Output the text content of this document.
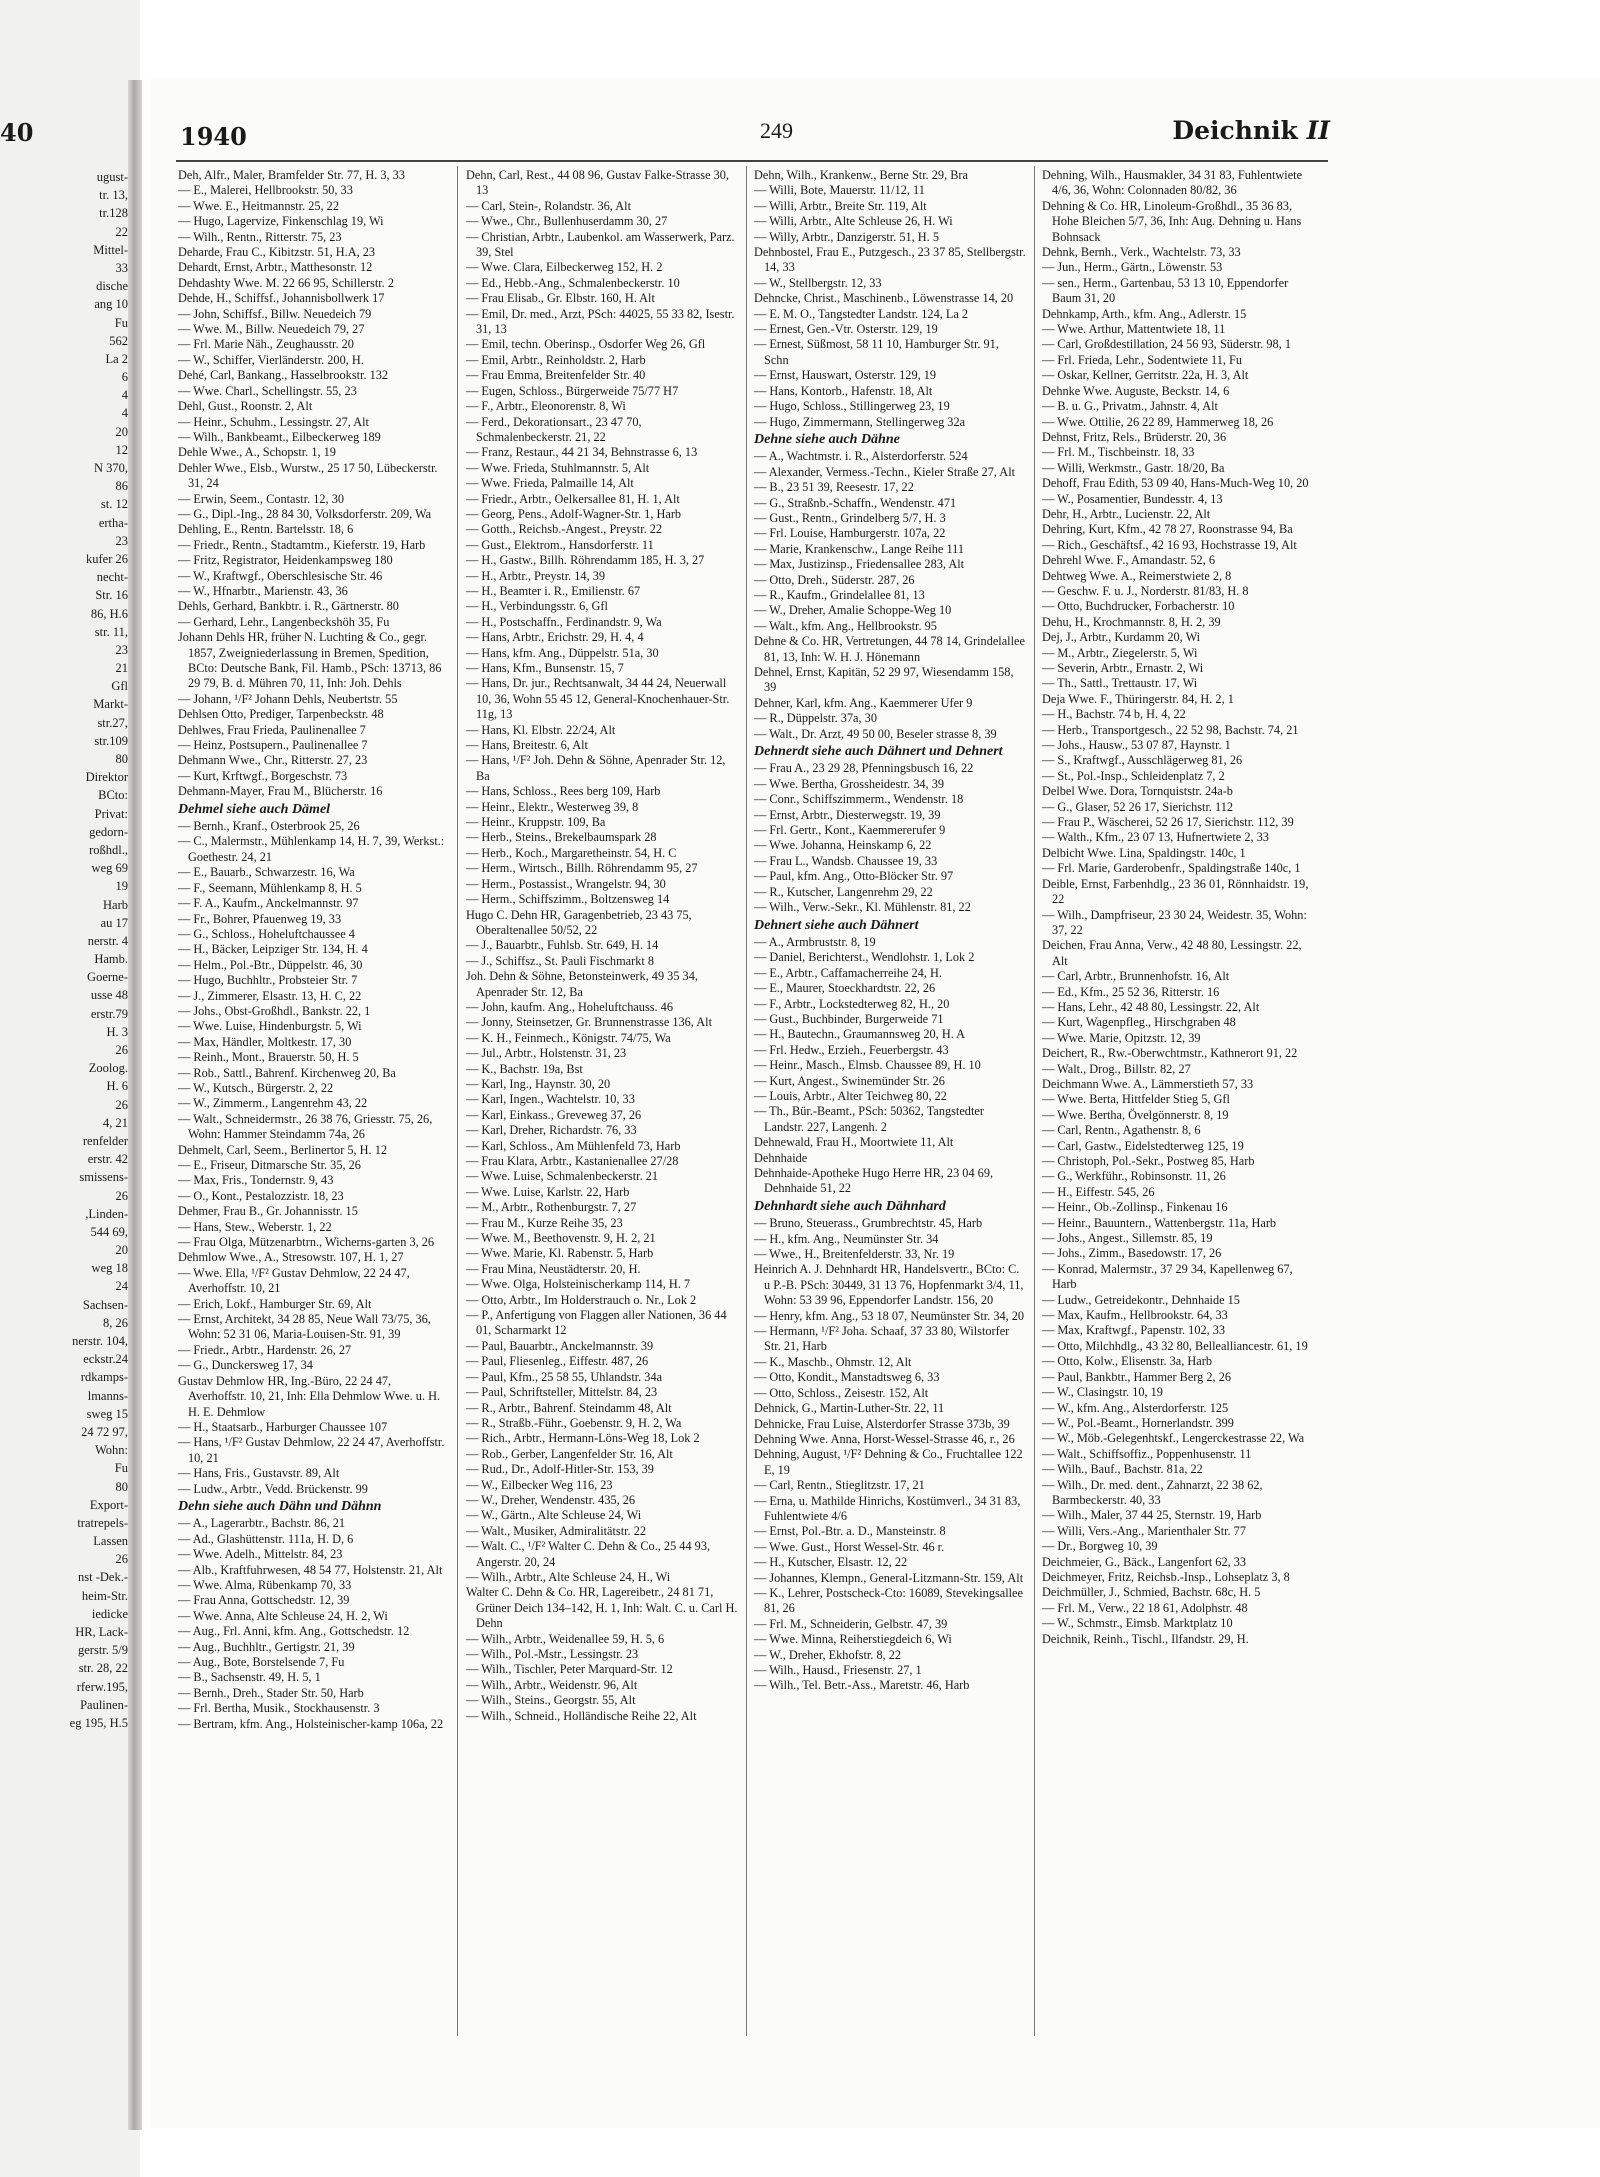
40
ugust-
tr. 13,
tr.128
22
Mittel-
33
dische
ang 10
Fu
562
La 2
6
4
4
20
12
N 370,
86
st. 12
ertha-
23
kufer 26
necht-
Str. 16
86, H.6
str. 11,
23
21
Gfl
Markt-
str.27,
str.109
80
Direktor
BCto:
Privat:
gedorn-
roßhdl.,
weg 69
19
Harb
au 17
nerstr. 4
Hamb.
Goerne-
usse 48
erstr.79
H. 3
26
Zoolog.
H. 6
26
4, 21
renfelder
erstr. 42
smissens-
26
,Linden-
544 69,
20
weg 18
24
Sachsen-
8, 26
nerstr. 104,
eckstr.24
rdkamps-
lmanns-
sweg 15
24 72 97,
Wohn:
Fu
80
Export-
tratrepels-
Lassen
26
nst -Dek.-
heim-Str.
iedicke
HR, Lack-
gerstr. 5/9
str. 28, 22
rferw.195,
Paulinen-
eg 195, H.5
1940	249	Deichnik II
Deh, Alfr., Maler, Bramfelder Str. 77, H. 3, 33
— E., Malerei, Hellbrookstr. 50, 33
— Wwe. E., Heitmannstr. 25, 22
— Hugo, Lagervize, Finkenschlag 19, Wi
— Wilh., Rentn., Ritterstr. 75, 23
Deharde, Frau C., Kibitzstr. 51, H.A, 23
Dehardt, Ernst, Arbtr., Matthesonstr. 12
Dehdashty Wwe. M. 22 66 95, Schillerstr. 2
Dehde, H., Schiffsf., Johannisbollwerk 17
— John, Schiffsf., Billw. Neuedeich 79
— Wwe. M., Billw. Neuedeich 79, 27
— Frl. Marie Näh., Zeughausstr. 20
— W., Schiffer, Vierländerstr. 200, H.
Dehé, Carl, Bankang., Hasselbrookstr. 132
— Wwe. Charl., Schellingstr. 55, 23
Dehl, Gust., Roonstr. 2, Alt
— Heinr., Schuhm., Lessingstr. 27, Alt
— Wilh., Bankbeamt., Eilbeckerweg 189
Dehle Wwe., A., Schopstr. 1, 19
Dehler Wwe., Elsb., Wurstw., 25 17 50, Lübeckerstr. 31, 24
— Erwin, Seem., Contastr. 12, 30
— G., Dipl.-Ing., 28 84 30, Volksdorferstr. 209, Wa
Dehling, E., Rentn. Bartelsstr. 18, 6
— Friedr., Rentn., Stadtamtm., Kieferstr. 19, Harb
— Fritz, Registrator, Heidenkampsweg 180
— W., Kraftwgf., Oberschlesische Str. 46
— W., Hfnarbtr., Marienstr. 43, 36
Dehls, Gerhard, Bankbtr. i. R., Gärtnerstr. 80
— Gerhard, Lehr., Langenbeckshöh 35, Fu
Johann Dehls HR, früher N. Luchting & Co., gegr. 1857, Zweigniederlassung in Bremen, Spedition, BCto: Deutsche Bank, Fil. Hamb., PSch: 13713, 86 29 79, B. d. Mühren 70, 11, Inh: Joh. Dehls
— Johann, ¹/F² Johann Dehls, Neubertstr. 55
Dehlsen Otto, Prediger, Tarpenbeckstr. 48
Dehlwes, Frau Frieda, Paulinenallee 7
— Heinz, Postsupern., Paulinenallee 7
Dehmann Wwe., Chr., Ritterstr. 27, 23
— Kurt, Krftwgf., Borgeschstr. 73
Dehmann-Mayer, Frau M., Blücherstr. 16
Dehmel siehe auch Dämel
— Bernh., Kranf., Osterbrook 25, 26
— C., Malermstr., Mühlenkamp 14, H. 7, 39, Werkst.: Goethestr. 24, 21
— E., Bauarb., Schwarzestr. 16, Wa
— F., Seemann, Mühlenkamp 8, H. 5
— F. A., Kaufm., Anckelmannstr. 97
— Fr., Bohrer, Pfauenweg 19, 33
— G., Schloss., Hoheluftchaussee 4
— H., Bäcker, Leipziger Str. 134, H. 4
— Helm., Pol.-Btr., Düppelstr. 46, 30
— Hugo, Buchhltr., Probsteier Str. 7
— J., Zimmerer, Elsastr. 13, H. C, 22
— Johs., Obst-Großhdl., Bankstr. 22, 1
— Wwe. Luise, Hindenburgstr. 5, Wi
— Max, Händler, Moltkestr. 17, 30
— Reinh., Mont., Brauerstr. 50, H. 5
— Rob., Sattl., Bahrenf. Kirchenweg 20, Ba
— W., Kutsch., Bürgerstr. 2, 22
— W., Zimmerm., Langenrehm 43, 22
— Walt., Schneidermstr., 26 38 76, Griesstr. 75, 26, Wohn: Hammer Steindamm 74a, 26
Dehmelt, Carl, Seem., Berlinertor 5, H. 12
— E., Friseur, Ditmarsche Str. 35, 26
— Max, Fris., Tondernstr. 9, 43
— O., Kont., Pestalozzistr. 18, 23
Dehmer, Frau B., Gr. Johannisstr. 15
— Hans, Stew., Weberstr. 1, 22
— Frau Olga, Mützenarbtrn., Wicherns-garten 3, 26
Dehmlow Wwe., A., Stresowstr. 107, H. 1, 27
— Wwe. Ella, ¹/F² Gustav Dehmlow, 22 24 47, Averhoffstr. 10, 21
— Erich, Lokf., Hamburger Str. 69, Alt
— Ernst, Architekt, 34 28 85, Neue Wall 73/75, 36, Wohn: 52 31 06, Maria-Louisen-Str. 91, 39
— Friedr., Arbtr., Hardenstr. 26, 27
— G., Dunckersweg 17, 34
Gustav Dehmlow HR, Ing.-Büro, 22 24 47, Averhoffstr. 10, 21, Inh: Ella Dehmlow Wwe. u. H. H. E. Dehmlow
— H., Staatsarb., Harburger Chaussee 107
— Hans, ¹/F² Gustav Dehmlow, 22 24 47, Averhoffstr. 10, 21
— Hans, Fris., Gustavstr. 89, Alt
— Ludw., Arbtr., Vedd. Brückenstr. 99
Dehn siehe auch Dähn und Dähnn
— A., Lagerarbtr., Bachstr. 86, 21
— Ad., Glashüttenstr. 111a, H. D, 6
— Wwe. Adelh., Mittelstr. 84, 23
— Alb., Kraftfuhrwesen, 48 54 77, Holstenstr. 21, Alt
— Wwe. Alma, Rübenkamp 70, 33
— Frau Anna, Gottschedstr. 12, 39
— Wwe. Anna, Alte Schleuse 24, H. 2, Wi
— Aug., Frl. Anni, kfm. Ang., Gottschedstr. 12
— Aug., Buchhltr., Gertigstr. 21, 39
— Aug., Bote, Borstelsende 7, Fu
— B., Sachsenstr. 49, H. 5, 1
— Bernh., Dreh., Stader Str. 50, Harb
— Frl. Bertha, Musik., Stockhausenstr. 3
— Bertram, kfm. Ang., Holsteinischer-kamp 106a, 22
Dehn, Carl, Rest., 44 08 96, Gustav Falke-Strasse 30, 13
— Carl, Stein-, Rolandstr. 36, Alt
— Wwe., Chr., Bullenhuserdamm 30, 27
— Christian, Arbtr., Laubenkol. am Wasserwerk, Parz. 39, Stel
— Wwe. Clara, Eilbeckerweg 152, H. 2
— Ed., Hebb.-Ang., Schmalenbeckerstr. 10
— Frau Elisab., Gr. Elbstr. 160, H. Alt
— Emil, Dr. med., Arzt, PSch: 44025, 55 33 82, Isestr. 31, 13
— Emil, techn. Oberinsp., Osdorfer Weg 26, Gfl
— Emil, Arbtr., Reinholdstr. 2, Harb
— Frau Emma, Breitenfelder Str. 40
— Eugen, Schloss., Bürgerweide 75/77 H7
— F., Arbtr., Eleonorenstr. 8, Wi
— Ferd., Dekorationsart., 23 47 70, Schmalenbeckerstr. 21, 22
— Franz, Restaur., 44 21 34, Behnstrasse 6, 13
— Wwe. Frieda, Stuhlmannstr. 5, Alt
— Wwe. Frieda, Palmaille 14, Alt
— Friedr., Arbtr., Oelkersallee 81, H. 1, Alt
— Georg, Pens., Adolf-Wagner-Str. 1, Harb
— Gotth., Reichsb.-Angest., Preystr. 22
— Gust., Elektrom., Hansdorferstr. 11
— H., Gastw., Billh. Röhrendamm 185, H. 3, 27
— H., Arbtr., Preystr. 14, 39
— H., Beamter i. R., Emilienstr. 67
— H., Verbindungsstr. 6, Gfl
— H., Postschaffn., Ferdinandstr. 9, Wa
— Hans, Arbtr., Erichstr. 29, H. 4, 4
— Hans, kfm. Ang., Düppelstr. 51a, 30
— Hans, Kfm., Bunsenstr. 15, 7
— Hans, Dr. jur., Rechtsanwalt, 34 44 24, Neuerwall 10, 36, Wohn 55 45 12, General-Knochenhauer-Str. 11g, 13
— Hans, Kl. Elbstr. 22/24, Alt
— Hans, Breitestr. 6, Alt
— Hans, ¹/F² Joh. Dehn & Söhne, Apenrader Str. 12, Ba
— Hans, Schloss., Rees berg 109, Harb
— Heinr., Elektr., Westerweg 39, 8
— Heinr., Kruppstr. 109, Ba
— Herb., Steins., Brekelbaumspark 28
— Herb., Koch., Margaretheinstr. 54, H. C
— Herm., Wirtsch., Billh. Röhrendamm 95, 27
— Herm., Postassist., Wrangelstr. 94, 30
— Herm., Schiffszimm., Boltzensweg 14
Hugo C. Dehn HR, Garagenbetrieb, 23 43 75, Oberaltenallee 50/52, 22
— J., Bauarbtr., Fuhlsb. Str. 649, H. 14
— J., Schiffsz., St. Pauli Fischmarkt 8
Joh. Dehn & Söhne, Betonsteinwerk, 49 35 34, Apenrader Str. 12, Ba
— John, kaufm. Ang., Hoheluftchauss. 46
— Jonny, Steinsetzer, Gr. Brunnenstrasse 136, Alt
— K. H., Feinmech., Königstr. 74/75, Wa
— Jul., Arbtr., Holstenstr. 31, 23
— K., Bachstr. 19a, Bst
— Karl, Ing., Haynstr. 30, 20
— Karl, Ingen., Wachtelstr. 10, 33
— Karl, Einkass., Greveweg 37, 26
— Karl, Dreher, Richardstr. 76, 33
— Karl, Schloss., Am Mühlenfeld 73, Harb
— Frau Klara, Arbtr., Kastanienallee 27/28
— Wwe. Luise, Schmalenbeckerstr. 21
— Wwe. Luise, Karlstr. 22, Harb
— M., Arbtr., Rothenburgstr. 7, 27
— Frau M., Kurze Reihe 35, 23
— Wwe. M., Beethovenstr. 9, H. 2, 21
— Wwe. Marie, Kl. Rabenstr. 5, Harb
— Frau Mina, Neustädterstr. 20, H.
— Wwe. Olga, Holsteinischerkamp 114, H. 7
— Otto, Arbtr., Im Holderstrauch o. Nr., Lok 2
— P., Anfertigung von Flaggen aller Nationen, 36 44 01, Scharmarkt 12
— Paul, Bauarbtr., Anckelmannstr. 39
— Paul, Fliesenleg., Eiffestr. 487, 26
— Paul, Kfm., 25 58 55, Uhlandstr. 34a
— Paul, Schriftsteller, Mittelstr. 84, 23
— R., Arbtr., Bahrenf. Steindamm 48, Alt
— R., Straßb.-Führ., Goebenstr. 9, H. 2, Wa
— Rich., Arbtr., Hermann-Löns-Weg 18, Lok 2
— Rob., Gerber, Langenfelder Str. 16, Alt
— Rud., Dr., Adolf-Hitler-Str. 153, 39
— W., Eilbecker Weg 116, 23
— W., Dreher, Wendenstr. 435, 26
— W., Gärtn., Alte Schleuse 24, Wi
— Walt., Musiker, Admiralitätstr. 22
— Walt. C., ¹/F² Walter C. Dehn & Co., 25 44 93, Angerstr. 20, 24
— Wilh., Arbtr., Alte Schleuse 24, H., Wi
Walter C. Dehn & Co. HR, Lagereibetr., 24 81 71, Grüner Deich 134–142, H. 1, Inh: Walt. C. u. Carl H. Dehn
— Wilh., Arbtr., Weidenallee 59, H. 5, 6
— Wilh., Pol.-Mstr., Lessingstr. 23
— Wilh., Tischler, Peter Marquard-Str. 12
— Wilh., Arbtr., Weidenstr. 96, Alt
— Wilh., Steins., Georgstr. 55, Alt
— Wilh., Schneid., Holländische Reihe 22, Alt
Dehn, Wilh., Krankenw., Berne Str. 29, Bra
— Willi, Bote, Mauerstr. 11/12, 11
— Willi, Arbtr., Breite Str. 119, Alt
— Willi, Arbtr., Alte Schleuse 26, H. Wi
— Willy, Arbtr., Danzigerstr. 51, H. 5
Dehnbostel, Frau E., Putzgesch., 23 37 85, Stellbergstr. 14, 33
— W., Stellbergstr. 12, 33
Dehncke, Christ., Maschinenb., Löwenstrasse 14, 20
— E. M. O., Tangstedter Landstr. 124, La 2
— Ernest, Gen.-Vtr. Osterstr. 129, 19
— Ernest, Süßmost, 58 11 10, Hamburger Str. 91, Schn
— Ernst, Hauswart, Osterstr. 129, 19
— Hans, Kontorb., Hafenstr. 18, Alt
— Hugo, Schloss., Stillingerweg 23, 19
— Hugo, Zimmermann, Stellingerweg 32a
Dehne siehe auch Dähne
— A., Wachtmstr. i. R., Alsterdorferstr. 524
— Alexander, Vermess.-Techn., Kieler Straße 27, Alt
— B., 23 51 39, Reesestr. 17, 22
— G., Straßnb.-Schaffn., Wendenstr. 471
— Gust., Rentn., Grindelberg 5/7, H. 3
— Frl. Louise, Hamburgerstr. 107a, 22
— Marie, Krankenschw., Lange Reihe 111
— Max, Justizinsp., Friedensallee 283, Alt
— Otto, Dreh., Süderstr. 287, 26
— R., Kaufm., Grindelallee 81, 13
— W., Dreher, Amalie Schoppe-Weg 10
— Walt., kfm. Ang., Hellbrookstr. 95
Dehne & Co. HR, Vertretungen, 44 78 14, Grindelallee 81, 13, Inh: W. H. J. Hönemann
Dehnel, Ernst, Kapitän, 52 29 97, Wiesendamm 158, 39
Dehner, Karl, kfm. Ang., Kaemmerer Ufer 9
— R., Düppelstr. 37a, 30
— Walt., Dr. Arzt, 49 50 00, Beseler strasse 8, 39
Dehnerdt siehe auch Dähnert und Dehnert
— Frau A., 23 29 28, Pfenningsbusch 16, 22
— Wwe. Bertha, Grossheidestr. 34, 39
— Conr., Schiffszimmerm., Wendenstr. 18
— Ernst, Arbtr., Diesterwegstr. 19, 39
— Frl. Gertr., Kont., Kaemmererufer 9
— Wwe. Johanna, Heinskamp 6, 22
— Frau L., Wandsb. Chaussee 19, 33
— Paul, kfm. Ang., Otto-Blöcker Str. 97
— R., Kutscher, Langenrehm 29, 22
— Wilh., Verw.-Sekr., Kl. Mühlenstr. 81, 22
Dehnert siehe auch Dähnert
— A., Armbruststr. 8, 19
— Daniel, Berichterst., Wendlohstr. 1, Lok 2
— E., Arbtr., Caffamacherreihe 24, H.
— E., Maurer, Stoeckhardtstr. 22, 26
— F., Arbtr., Lockstedterweg 82, H., 20
— Gust., Buchbinder, Burgerweide 71
— H., Bautechn., Graumannsweg 20, H. A
— Frl. Hedw., Erzieh., Feuerbergstr. 43
— Heinr., Masch., Elmsb. Chaussee 89, H. 10
— Kurt, Angest., Swinemünder Str. 26
— Louis, Arbtr., Alter Teichweg 80, 22
— Th., Bür.-Beamt., PSch: 50362, Tangstedter Landstr. 227, Langenh. 2
Dehnewald, Frau H., Moortwiete 11, Alt
Dehnhaide
Dehnhaide-Apotheke Hugo Herre HR, 23 04 69, Dehnhaide 51, 22
Dehnhardt siehe auch Dähnhard
— Bruno, Steuerass., Grumbrechtstr. 45, Harb
— H., kfm. Ang., Neumünster Str. 34
— Wwe., H., Breitenfelderstr. 33, Nr. 19
Heinrich A. J. Dehnhardt HR, Handelsvertr., BCto: C. u P.-B. PSch: 30449, 31 13 76, Hopfenmarkt 3/4, 11, Wohn: 53 39 96, Eppendorfer Landstr. 156, 20
— Henry, kfm. Ang., 53 18 07, Neumünster Str. 34, 20
— Hermann, ¹/F² Joha. Schaaf, 37 33 80, Wilstorfer Str. 21, Harb
— K., Maschb., Ohmstr. 12, Alt
— Otto, Kondit., Manstadtsweg 6, 33
— Otto, Schloss., Zeisestr. 152, Alt
Dehnick, G., Martin-Luther-Str. 22, 11
Dehnicke, Frau Luise, Alsterdorfer Strasse 373b, 39
Dehning Wwe. Anna, Horst-Wessel-Strasse 46, r., 26
Dehning, August, ¹/F² Dehning & Co., Fruchtallee 122 E, 19
— Carl, Rentn., Stieglitzstr. 17, 21
— Erna, u. Mathilde Hinrichs, Kostümverl., 34 31 83, Fuhlentwiete 4/6
— Ernst, Pol.-Btr. a. D., Mansteinstr. 8
— Wwe. Gust., Horst Wessel-Str. 46 r.
— H., Kutscher, Elsastr. 12, 22
— Johannes, Klempn., General-Litzmann-Str. 159, Alt
— K., Lehrer, Postscheck-Cto: 16089, Stevekingsallee 81, 26
— Frl. M., Schneiderin, Gelbstr. 47, 39
— Wwe. Minna, Reiherstiegdeich 6, Wi
— W., Dreher, Ekhofstr. 8, 22
— Wilh., Hausd., Friesenstr. 27, 1
— Wilh., Tel. Betr.-Ass., Maretstr. 46, Harb
Dehning, Wilh., Hausmakler, 34 31 83, Fuhlentwiete 4/6, 36, Wohn: Colonnaden 80/82, 36
Dehning & Co. HR, Linoleum-Großhdl., 35 36 83, Hohe Bleichen 5/7, 36, Inh: Aug. Dehning u. Hans Bohnsack
Dehnk, Bernh., Verk., Wachtelstr. 73, 33
— Jun., Herm., Gärtn., Löwenstr. 53
— sen., Herm., Gartenbau, 53 13 10, Eppendorfer Baum 31, 20
Dehnkamp, Arth., kfm. Ang., Adlerstr. 15
— Wwe. Arthur, Mattentwiete 18, 11
— Carl, Großdestillation, 24 56 93, Süderstr. 98, 1
— Frl. Frieda, Lehr., Sodentwiete 11, Fu
— Oskar, Kellner, Gerritstr. 22a, H. 3, Alt
Dehnke Wwe. Auguste, Beckstr. 14, 6
— B. u. G., Privatm., Jahnstr. 4, Alt
— Wwe. Ottilie, 26 22 89, Hammerweg 18, 26
Dehnst, Fritz, Rels., Brüderstr. 20, 36
— Frl. M., Tischbeinstr. 18, 33
— Willi, Werkmstr., Gastr. 18/20, Ba
Dehoff, Frau Edith, 53 09 40, Hans-Much-Weg 10, 20
— W., Posamentier, Bundesstr. 4, 13
Dehr, H., Arbtr., Lucienstr. 22, Alt
Dehring, Kurt, Kfm., 42 78 27, Roonstrasse 94, Ba
— Rich., Geschäftsf., 42 16 93, Hochstrasse 19, Alt
Dehrehl Wwe. F., Amandastr. 52, 6
Dehtweg Wwe. A., Reimerstwiete 2, 8
— Geschw. F. u. J., Norderstr. 81/83, H. 8
— Otto, Buchdrucker, Forbacherstr. 10
Dehu, H., Krochmannstr. 8, H. 2, 39
Dej, J., Arbtr., Kurdamm 20, Wi
— M., Arbtr., Ziegelerstr. 5, Wi
— Severin, Arbtr., Ernastr. 2, Wi
— Th., Sattl., Trettaustr. 17, Wi
Deja Wwe. F., Thüringerstr. 84, H. 2, 1
— H., Bachstr. 74 b, H. 4, 22
— Herb., Transportgesch., 22 52 98, Bachstr. 74, 21
— Johs., Hausw., 53 07 87, Haynstr. 1
— S., Kraftwgf., Ausschlägerweg 81, 26
— St., Pol.-Insp., Schleidenplatz 7, 2
Delbel Wwe. Dora, Tornquiststr. 24a-b
— G., Glaser, 52 26 17, Sierichstr. 112
— Frau P., Wäscherei, 52 26 17, Sierichstr. 112, 39
— Walth., Kfm., 23 07 13, Hufnertwiete 2, 33
Delbicht Wwe. Lina, Spaldingstr. 140c, 1
— Frl. Marie, Garderobenfr., Spaldingstraße 140c, 1
Deible, Ernst, Farbenhdlg., 23 36 01, Rönnhaidstr. 19, 22
— Wilh., Dampfriseur, 23 30 24, Weidestr. 35, Wohn: 37, 22
Deichen, Frau Anna, Verw., 42 48 80, Lessingstr. 22, Alt
— Carl, Arbtr., Brunnenhofstr. 16, Alt
— Ed., Kfm., 25 52 36, Ritterstr. 16
— Hans, Lehr., 42 48 80, Lessingstr. 22, Alt
— Kurt, Wagenpfleg., Hirschgraben 48
— Wwe. Marie, Opitzstr. 12, 39
Deichert, R., Rw.-Oberwchtmstr., Kathnerort 91, 22
— Walt., Drog., Billstr. 82, 27
Deichmann Wwe. A., Lämmerstieth 57, 33
— Wwe. Berta, Hittfelder Stieg 5, Gfl
— Wwe. Bertha, Övelgönnerstr. 8, 19
— Carl, Rentn., Agathenstr. 8, 6
— Carl, Gastw., Eidelstedterweg 125, 19
— Christoph, Pol.-Sekr., Postweg 85, Harb
— G., Werkführ., Robinsonstr. 11, 26
— H., Eiffestr. 545, 26
— Heinr., Ob.-Zollinsp., Finkenau 16
— Heinr., Bauuntern., Wattenbergstr. 11a, Harb
— Johs., Angest., Sillemstr. 85, 19
— Johs., Zimm., Basedowstr. 17, 26
— Konrad, Malermstr., 37 29 34, Kapellenweg 67, Harb
— Ludw., Getreidekontr., Dehnhaide 15
— Max, Kaufm., Hellbrookstr. 64, 33
— Max, Kraftwgf., Papenstr. 102, 33
— Otto, Milchhdlg., 43 32 80, Bellealliancestr. 61, 19
— Otto, Kolw., Elisenstr. 3a, Harb
— Paul, Bankbtr., Hammer Berg 2, 26
— W., Clasingstr. 10, 19
— W., kfm. Ang., Alsterdorferstr. 125
— W., Pol.-Beamt., Hornerlandstr. 399
— W., Möb.-Gelegenhtskf., Lengerckestrasse 22, Wa
— Walt., Schiffsoffiz., Poppenhusenstr. 11
— Wilh., Bauf., Bachstr. 81a, 22
— Wilh., Dr. med. dent., Zahnarzt, 22 38 62, Barmbeckerstr. 40, 33
— Wilh., Maler, 37 44 25, Sternstr. 19, Harb
— Willi, Vers.-Ang., Marienthaler Str. 77
— Dr., Borgweg 10, 39
Deichmeier, G., Bäck., Langenfort 62, 33
Deichmeyer, Fritz, Reichsb.-Insp., Lohseplatz 3, 8
Deichmüller, J., Schmied, Bachstr. 68c, H. 5
— Frl. M., Verw., 22 18 61, Adolphstr. 48
— W., Schmstr., Eimsb. Marktplatz 10
Deichnik, Reinh., Tischl., Ilfandstr. 29, H.
